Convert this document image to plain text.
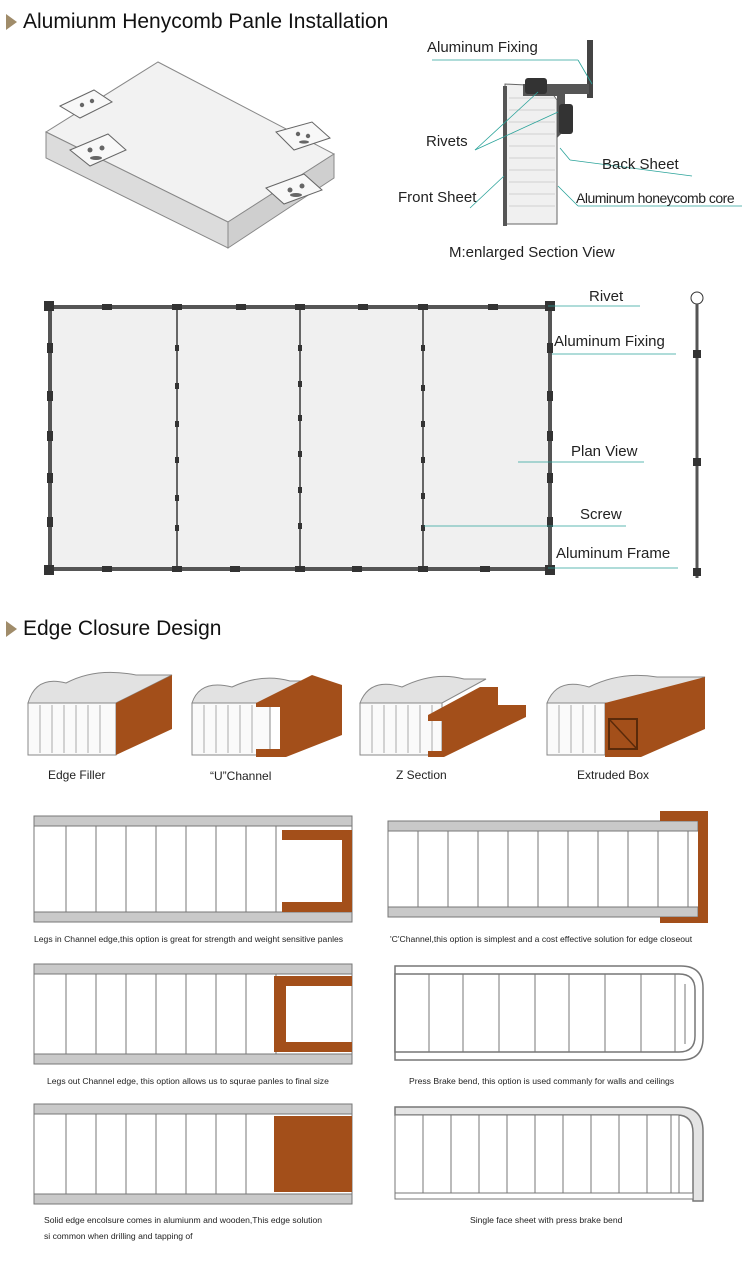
Alumiunm Henycomb Panle Installation
Aluminum Fixing
Rivets
Back Sheet
Front Sheet	Aluminum honeycomb core
M:enlarged Section View
Rivet
Aluminum Fixing
Plan View
Screw
Aluminum Frame
Edge Closure Design
Edge Filler	“U”Channel	Z Section	Extruded Box
Legs in Channel edge,this option is great for strength and weight sensitive panles	'C'Channel,this option is simplest and a cost effective solution for edge closeout
Legs out Channel edge, this option allows us to squrae panles to final size	Press Brake bend, this option is used commanly for walls and ceilings
Solid edge encolsure comes in alumiunm and wooden,This edge solution
si common when drilling and tapping of
Single face sheet with press brake bend
